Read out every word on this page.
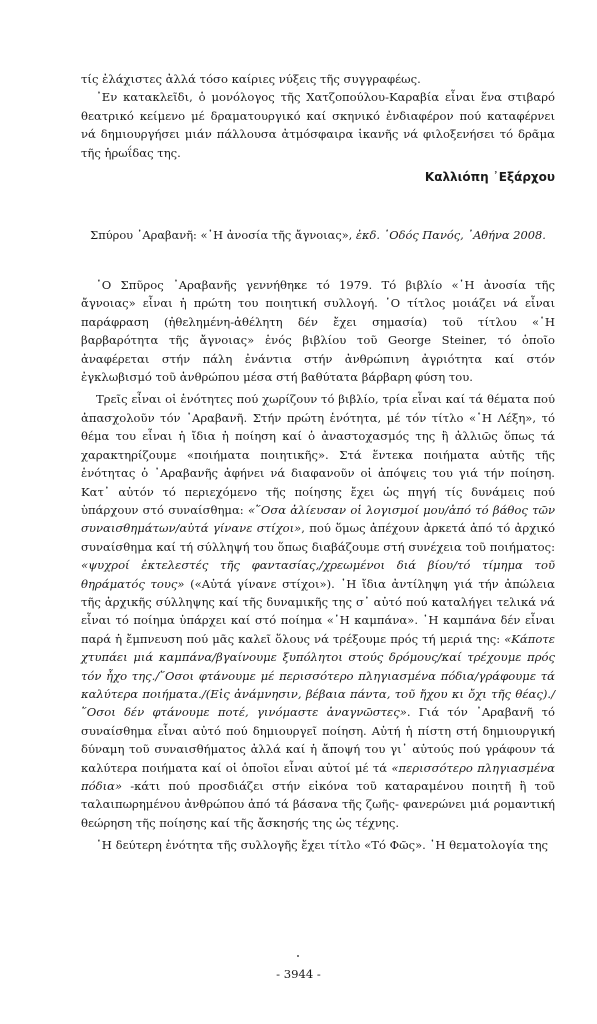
τίς ἐλάχιστες ἀλλά τόσο καίριες νύξεις τῆς συγγραφέως.

᾿Εν κατακλεῖδι, ὁ μονόλογος τῆς Χατζοπούλου-Καραβία εἶναι ἕνα στιβαρό θεατρικό κείμενο μέ δραματουργικό καί σκηνικό ἐνδιαφέρον πού καταφέρνει νά δημιουργήσει μιάν πάλλουσα ἀτμόσφαιρα ἱκανῆς νά φιλοξενήσει τό δρᾶμα τῆς ἡρωΐδας της.

Καλλιόπη ᾿Εξάρχου
Σπύρου ᾿Αραβανῆ: «῾Η ἀνοσία τῆς ἄγνοιας», ἐκδ. ῾Οδός Πανός, ᾿Αθήνα 2008.

῾Ο Σπῦρος ᾿Αραβανῆς γεννήθηκε τό 1979. Τό βιβλίο «῾Η ἀνοσία τῆς ἄγνοιας» εἶναι ἡ πρώτη του ποιητική συλλογή. ῾Ο τίτλος μοιάζει νά εἶναι παράφραση (ἠθελημένη-ἀθέλητη δέν ἔχει σημασία) τοῦ τίτλου «῾Η βαρβαρότητα τῆς ἄγνοιας» ἑνός βιβλίου τοῦ George Steiner, τό ὁποῖο ἀναφέρεται στήν πάλη ἐνάντια στήν ἀνθρώπινη ἀγριότητα καί στόν ἐγκλωβισμό τοῦ ἀνθρώπου μέσα στή βαθύτατα βάρβαρη φύση του.

Τρεῖς εἶναι οἱ ἑνότητες πού χωρίζουν τό βιβλίο, τρία εἶναι καί τά θέματα πού ἀπασχολοῦν τόν ᾿Αραβανῆ. Στήν πρώτη ἑνότητα, μέ τόν τίτλο «῾Η Λέξη», τό θέμα του εἶναι ἡ ἴδια ἡ ποίηση καί ὁ ἀναστοχασμός της ἢ ἀλλιῶς ὅπως τά χαρακτηρίζουμε «ποιήματα ποιητικῆς». Στά ἕντεκα ποιήματα αὐτῆς τῆς ἑνότητας ὁ ᾿Αραβανῆς ἀφήνει νά διαφανοῦν οἱ ἀπόψεις του γιά τήν ποίηση. Κατ᾿ αὐτόν τό περιεχόμενο τῆς ποίησης ἔχει ὡς πηγή τίς δυνάμεις πού ὑπάρχουν στό συναίσθημα: «῞Οσα ἀλίευσαν οἱ λογισμοί μου/ἀπό τό βάθος τῶν συναισθημάτων/αὐτά γίνανε στίχοι», πού ὅμως ἀπέχουν ἀρκετά ἀπό τό ἀρχικό συναίσθημα καί τή σύλληψή του ὅπως διαβάζουμε στή συνέχεια τοῦ ποιήματος: «ψυχροί ἐκτελεστές τῆς φαντασίας,/χρεωμένοι διά βίου/τό τίμημα τοῦ θηράματός τους» («Αὐτά γίνανε στίχοι»). ῾Η ἴδια ἀντίληψη γιά τήν ἀπώλεια τῆς ἀρχικῆς σύλληψης καί τῆς δυναμικῆς της σ᾿ αὐτό πού καταλήγει τελικά νά εἶναι τό ποίημα ὑπάρχει καί στό ποίημα «῾Η καμπάνα». ῾Η καμπάνα δέν εἶναι παρά ἡ ἔμπνευση πού μᾶς καλεῖ ὅλους νά τρέξουμε πρός τή μεριά της: «Κάποτε χτυπάει μιά καμπάνα/βγαίνουμε ξυπόλητοι στούς δρόμους/καί τρέχουμε πρός τόν ἦχο της./῞Οσοι φτάνουμε μέ περισσότερο πληγιασμένα πόδια/γράφουμε τά καλύτερα ποιήματα./(Εἰς ἀνάμνησιν, βέβαια πάντα, τοῦ ἤχου κι ὄχι τῆς θέας)./ ῞Οσοι δέν φτάνουμε ποτέ, γινόμαστε ἀναγνῶστες». Γιά τόν ᾿Αραβανῆ τό συναίσθημα εἶναι αὐτό πού δημιουργεῖ ποίηση. Αὐτή ἡ πίστη στή δημιουργική δύναμη τοῦ συναισθήματος ἀλλά καί ἡ ἄποψή του γι᾿ αὐτούς πού γράφουν τά καλύτερα ποιήματα καί οἱ ὁποῖοι εἶναι αὐτοί μέ τά «περισσότερο πληγιασμένα πόδια» -κάτι πού προσδιάζει στήν εἰκόνα τοῦ καταραμένου ποιητῆ ἢ τοῦ ταλαιπωρημένου ἀνθρώπου ἀπό τά βάσανα τῆς ζωῆς- φανερώνει μιά ρομαντική θεώρηση τῆς ποίησης καί τῆς ἄσκησής της ὡς τέχνης.

῾Η δεύτερη ἑνότητα τῆς συλλογῆς ἔχει τίτλο «Τό Φῶς». ῾Η θεματολογία της

- 3944 -
